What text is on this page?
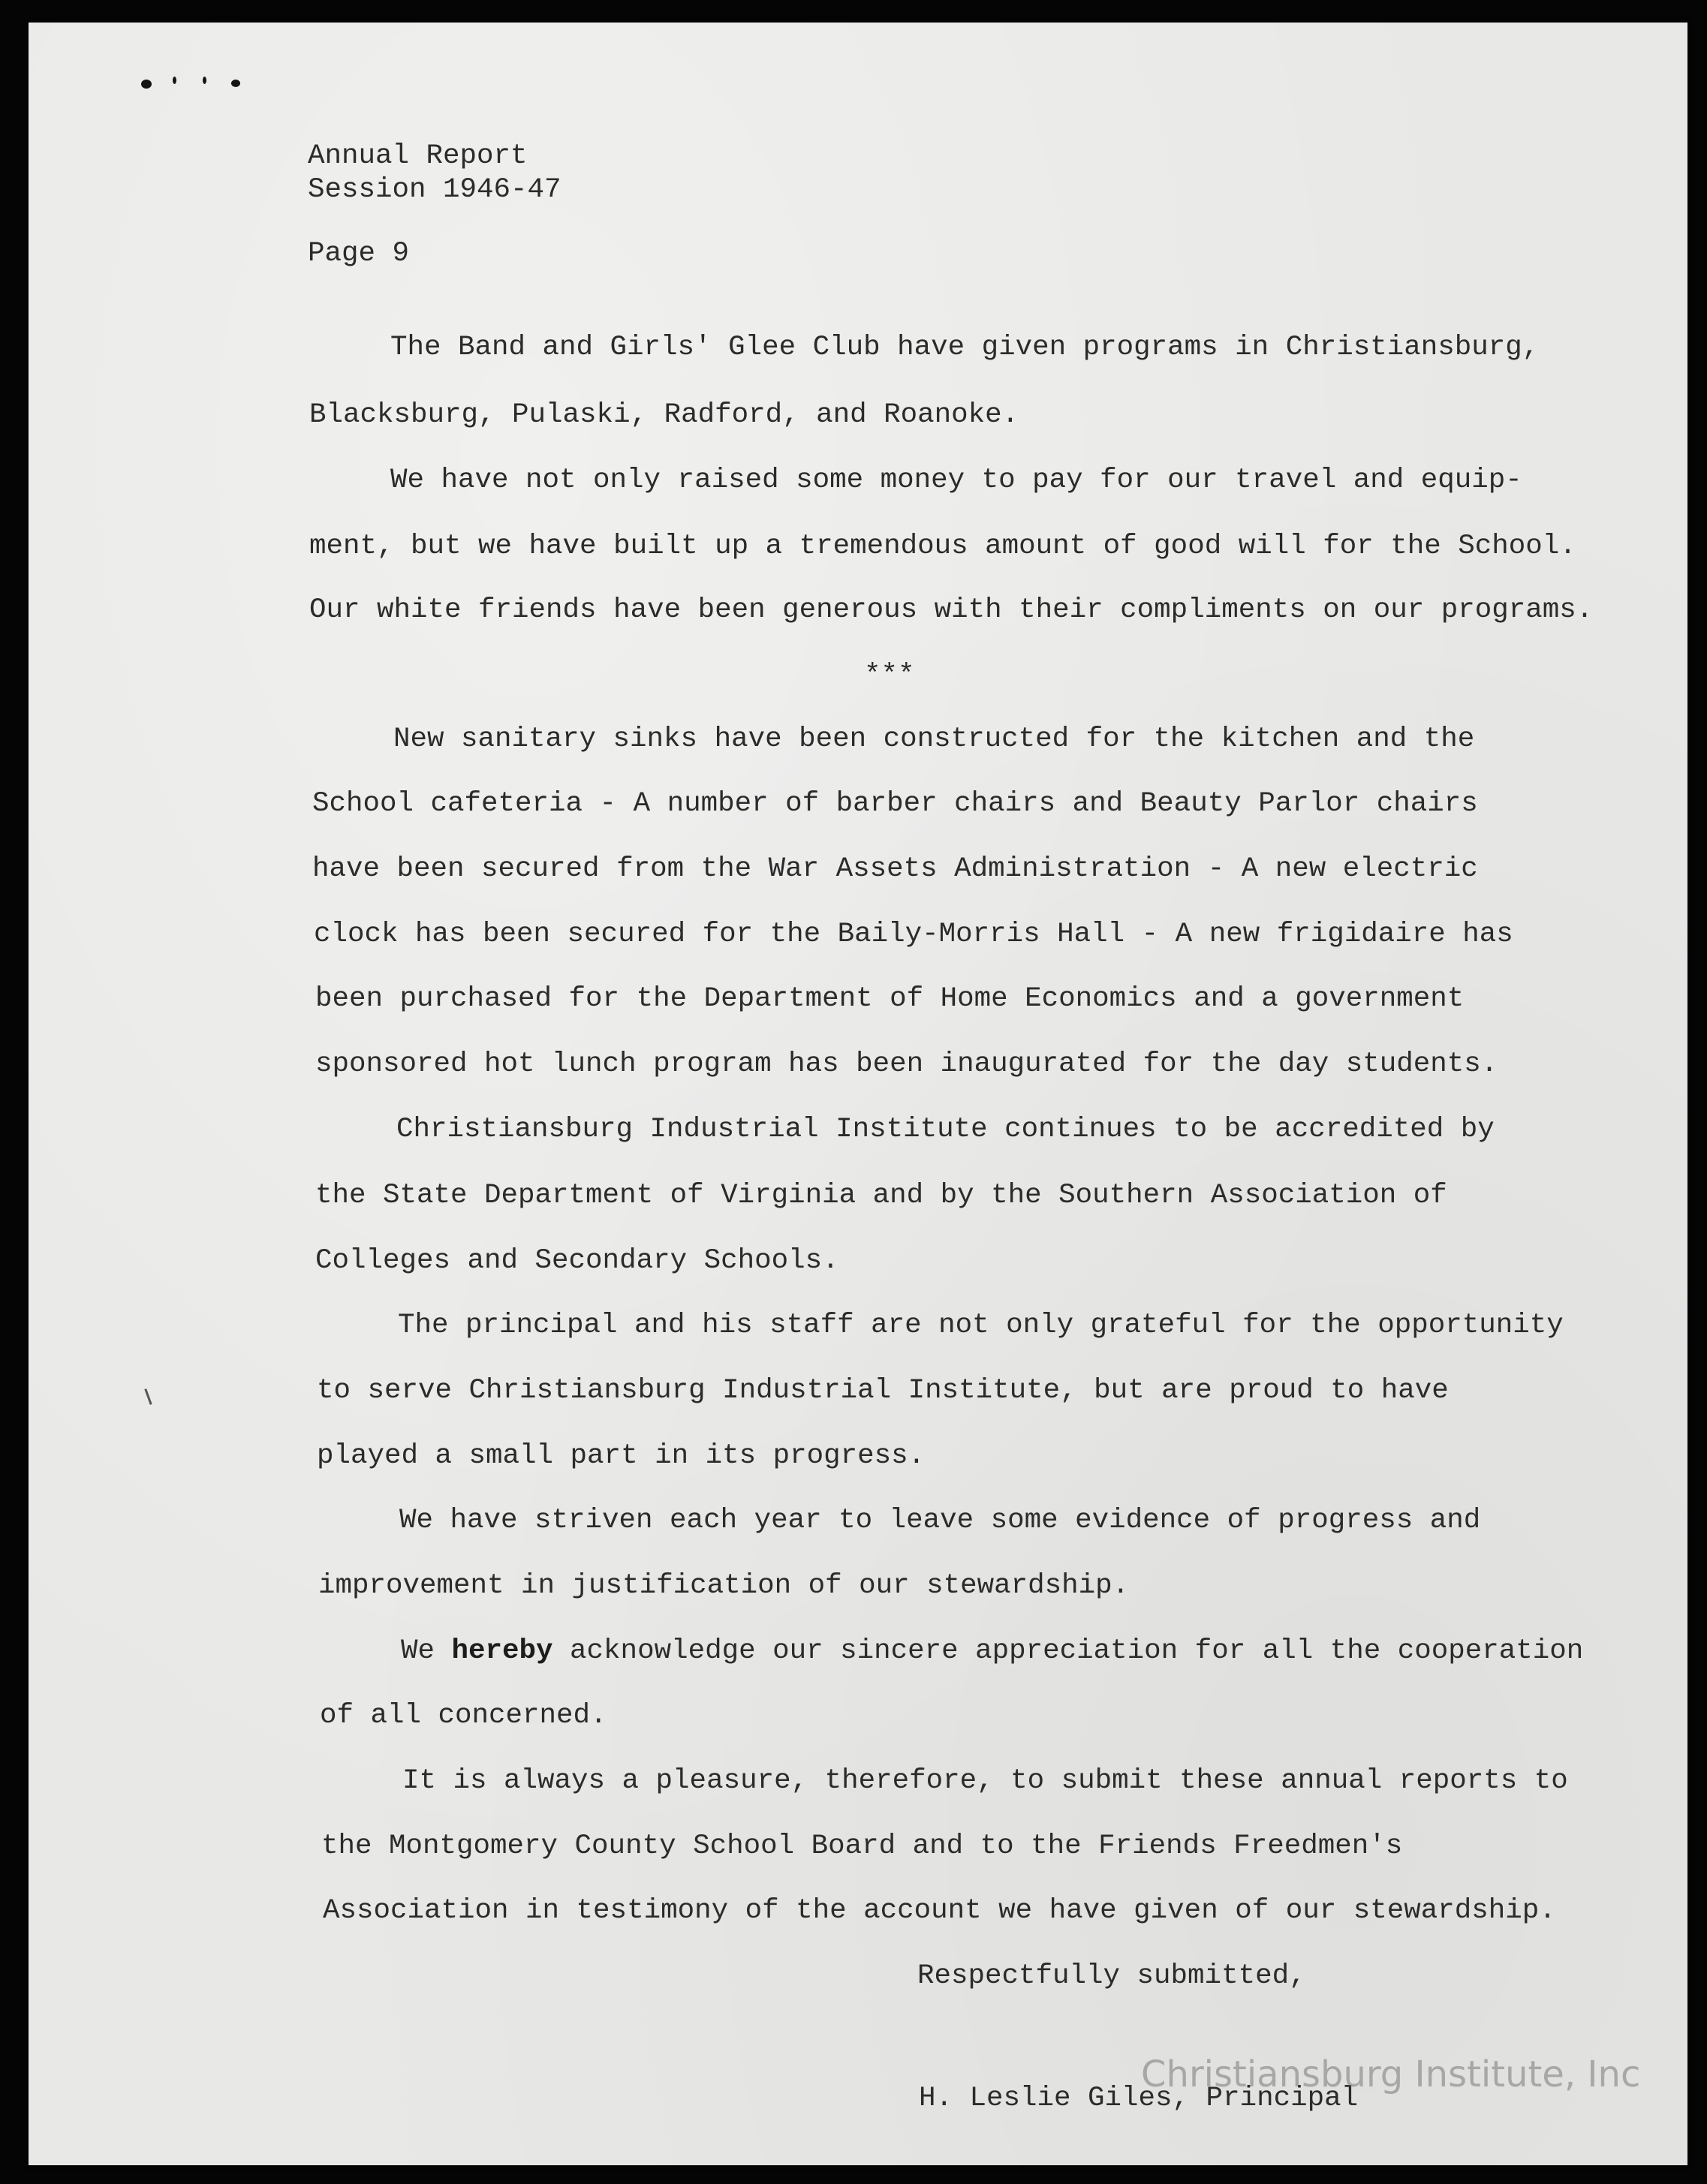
Annual Report
Session 1946-47
Page 9
The Band and Girls' Glee Club have given programs in Christiansburg,
Blacksburg, Pulaski, Radford, and Roanoke.
We have not only raised some money to pay for our travel and equip-
ment, but we have built up a tremendous amount of good will for the School.
Our white friends have been generous with their compliments on our programs.
***
New sanitary sinks have been constructed for the kitchen and the
School cafeteria - A number of barber chairs and Beauty Parlor chairs
have been secured from the War Assets Administration - A new electric
clock has been secured for the Baily-Morris Hall - A new frigidaire has
been purchased for the Department of Home Economics and a government
sponsored hot lunch program has been inaugurated for the day students.
Christiansburg Industrial Institute continues to be accredited by
the State Department of Virginia and by the Southern Association of
Colleges and Secondary Schools.
The principal and his staff are not only grateful for the opportunity
to serve Christiansburg Industrial Institute, but are proud to have
played a small part in its progress.
We have striven each year to leave some evidence of progress and
improvement in justification of our stewardship.
We hereby acknowledge our sincere appreciation for all the cooperation
of all concerned.
It is always a pleasure, therefore, to submit these annual reports to
the Montgomery County School Board and to the Friends Freedmen's
Association in testimony of the account we have given of our stewardship.
Respectfully submitted,
H. Leslie Giles, Principal
Christiansburg Institute, Inc
